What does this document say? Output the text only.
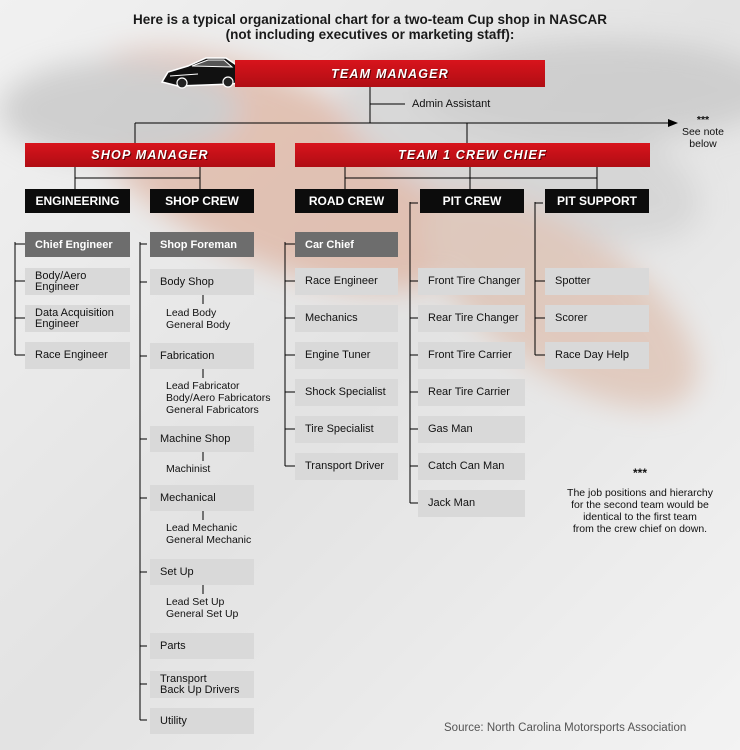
Here is a typical organizational chart for a two-team Cup shop in NASCAR
(not including executives or marketing staff):
TEAM MANAGER
Admin Assistant
***
See note
below
SHOP MANAGER	TEAM 1 CREW CHIEF
ENGINEERING	SHOP CREW	ROAD CREW	PIT CREW	PIT SUPPORT
Chief Engineer
Body/Aero
Engineer
Data Acquisition
Engineer
Race Engineer
Shop Foreman
Body Shop
Lead Body
General Body
Fabrication
Lead Fabricator
Body/Aero Fabricators
General Fabricators
Machine Shop
Machinist
Mechanical
Lead Mechanic
General Mechanic
Set Up
Lead Set Up
General Set Up
Parts
Transport
Back Up Drivers
Utility
Car Chief
Race Engineer
Mechanics
Engine Tuner
Shock Specialist
Tire Specialist
Transport Driver
Front Tire Changer
Rear Tire Changer
Front Tire Carrier
Rear Tire Carrier
Gas Man
Catch Can Man
Jack Man
Spotter
Scorer
Race Day Help
***
The job positions and hierarchy
for the second team would be
identical to the first team
from the crew chief on down.
Source: North Carolina Motorsports Association
